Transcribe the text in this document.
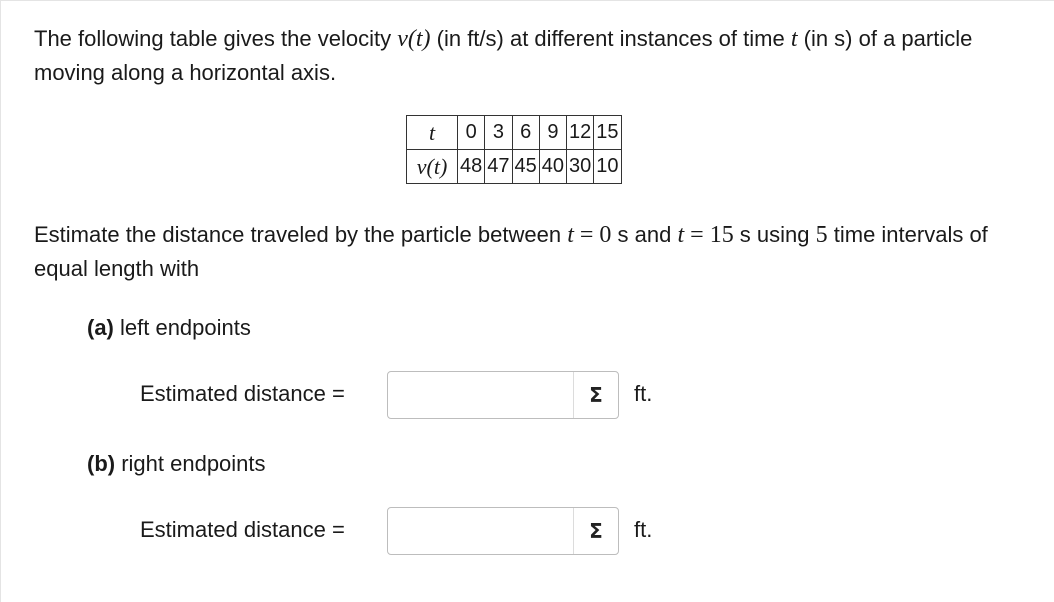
The following table gives the velocity v(t) (in ft/s) at different instances of time t (in s) of a particle moving along a horizontal axis.
t	0	3	6	9	12	15
v(t)	48	47	45	40	30	10
Estimate the distance traveled by the particle between t = 0 s and t = 15 s using 5 time intervals of equal length with
(a) left endpoints
Estimated distance =	Σ	ft.
(b) right endpoints
Estimated distance =	Σ	ft.
